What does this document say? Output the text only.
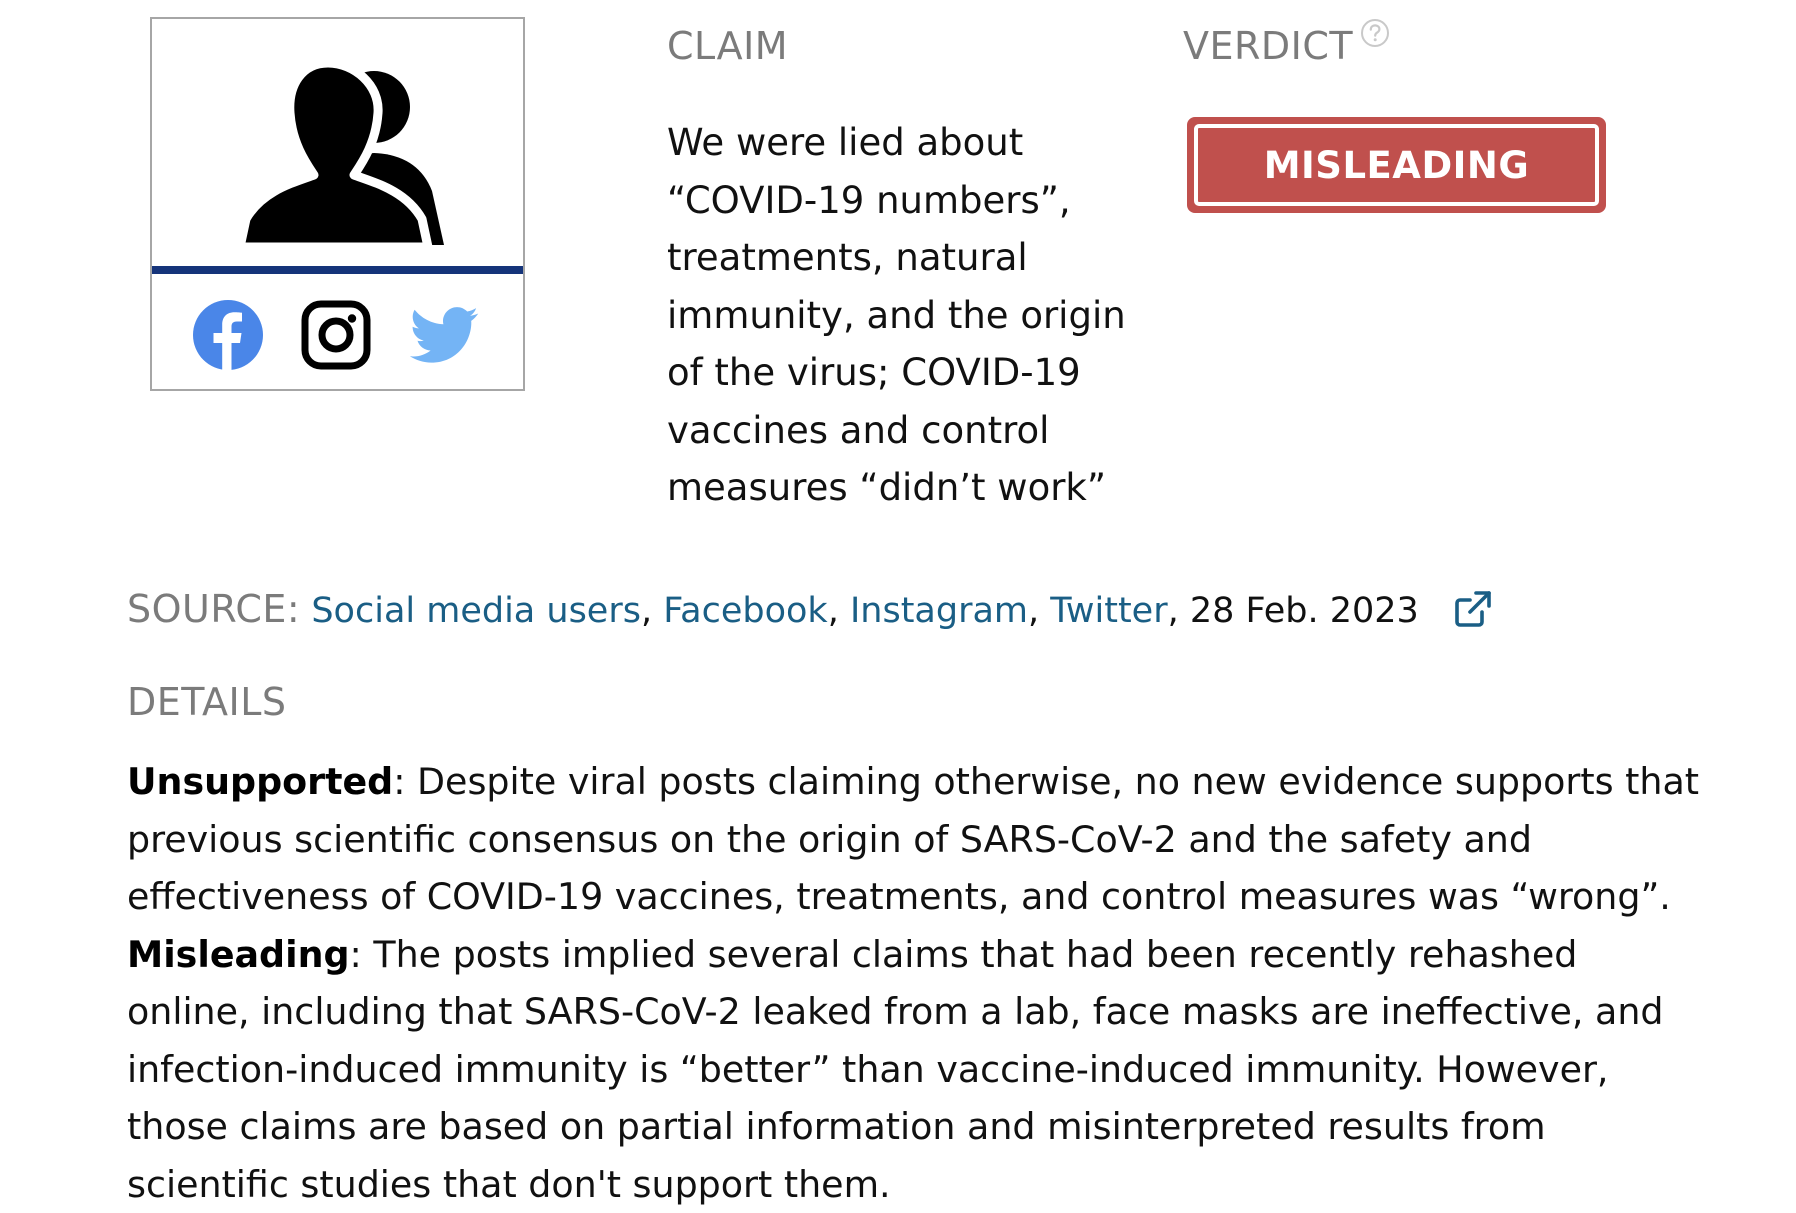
CLAIM
We were lied about
“COVID-19 numbers”,
treatments, natural
immunity, and the origin
of the virus; COVID-19
vaccines and control
measures “didn’t work”
VERDICT
MISLEADING
SOURCE: Social media users, Facebook, Instagram, Twitter, 28 Feb. 2023
DETAILS

Unsupported: Despite viral posts claiming otherwise, no new evidence supports that previous scientific consensus on the origin of SARS-CoV-2 and the safety and effectiveness of COVID-19 vaccines, treatments, and control measures was “wrong”.

Misleading: The posts implied several claims that had been recently rehashed online, including that SARS-CoV-2 leaked from a lab, face masks are ineffective, and infection-induced immunity is “better” than vaccine-induced immunity. However, those claims are based on partial information and misinterpreted results from scientific studies that don't support them.
